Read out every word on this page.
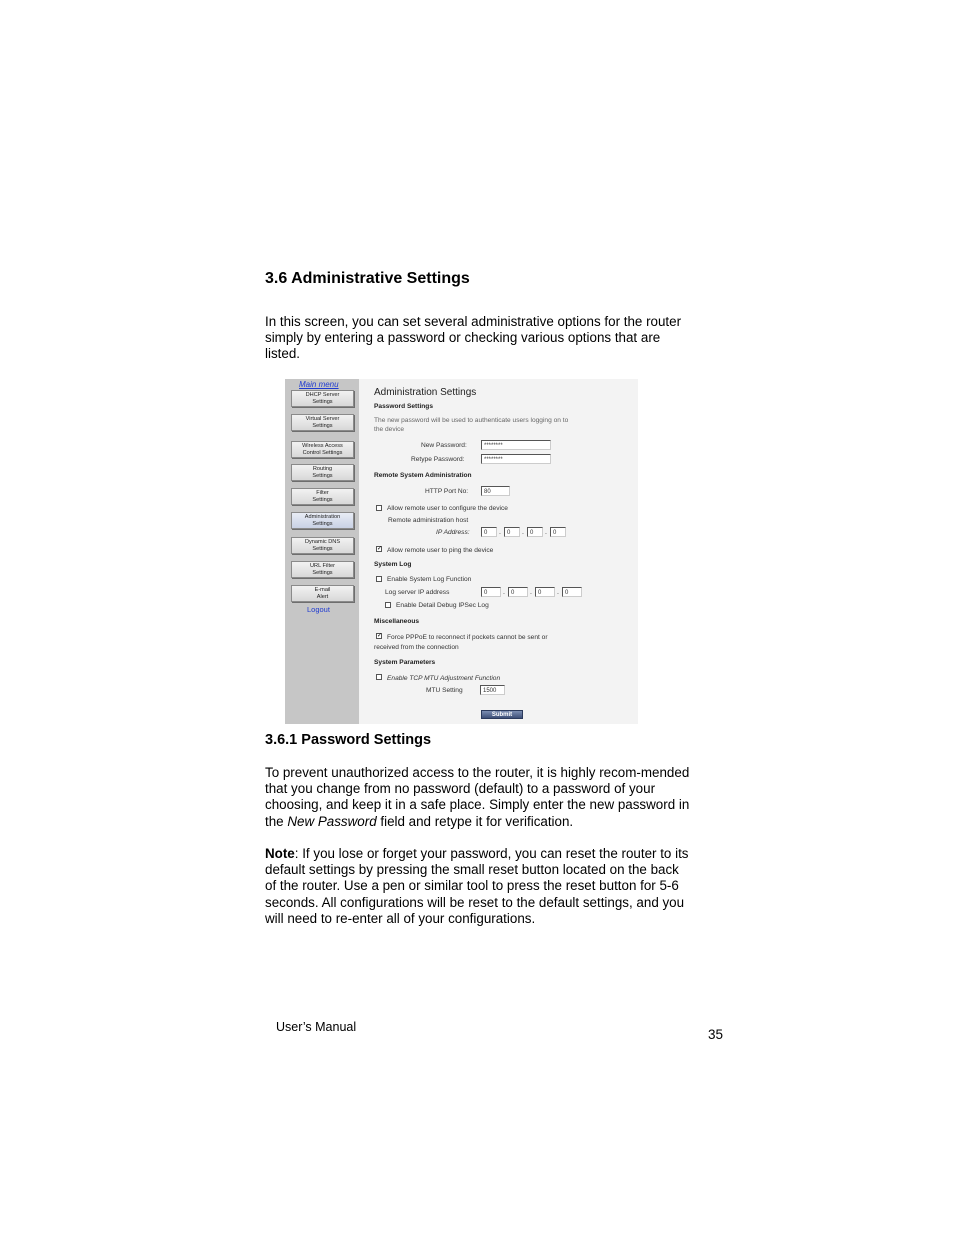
3.6 Administrative Settings

In this screen, you can set several administrative options for the router simply by entering a password or checking various options that are listed.

Main menu
DHCP Server
Settings
Virtual Server
Settings
Wireless Access
Control Settings
Routing
Settings
Filter
Settings
Administration
Settings
Dynamic DNS
Settings
URL Filter
Settings
E-mail
Alert
Logout
Administration Settings
Password Settings
The new password will be used to authenticate users logging on to
the device
New Password:	********
Retype Password:	********
Remote System Administration
HTTP Port No:	80
Allow remote user to configure the device
Remote administration host
IP Address:	0	.	0	.	0	.	0
✓ Allow remote user to ping the device
System Log
Enable System Log Function
Log server IP address	0	.	0	.	0	.	0
Enable Detail Debug IPSec Log
Miscellaneous
✓ Force PPPoE to reconnect if pockets cannot be sent or
received from the connection
System Parameters
Enable TCP MTU Adjustment Function
MTU Setting	1500
Submit
3.6.1 Password Settings

To prevent unauthorized access to the router, it is highly recom-mended that you change from no password (default) to a password of your choosing, and keep it in a safe place. Simply enter the new password in the New Password field and retype it for verification.

Note: If you lose or forget your password, you can reset the router to its default settings by pressing the small reset button located on the back of the router. Use a pen or similar tool to press the reset button for 5-6 seconds. All configurations will be reset to the default settings, and you will need to re-enter all of your configurations.

User’s Manual	35
